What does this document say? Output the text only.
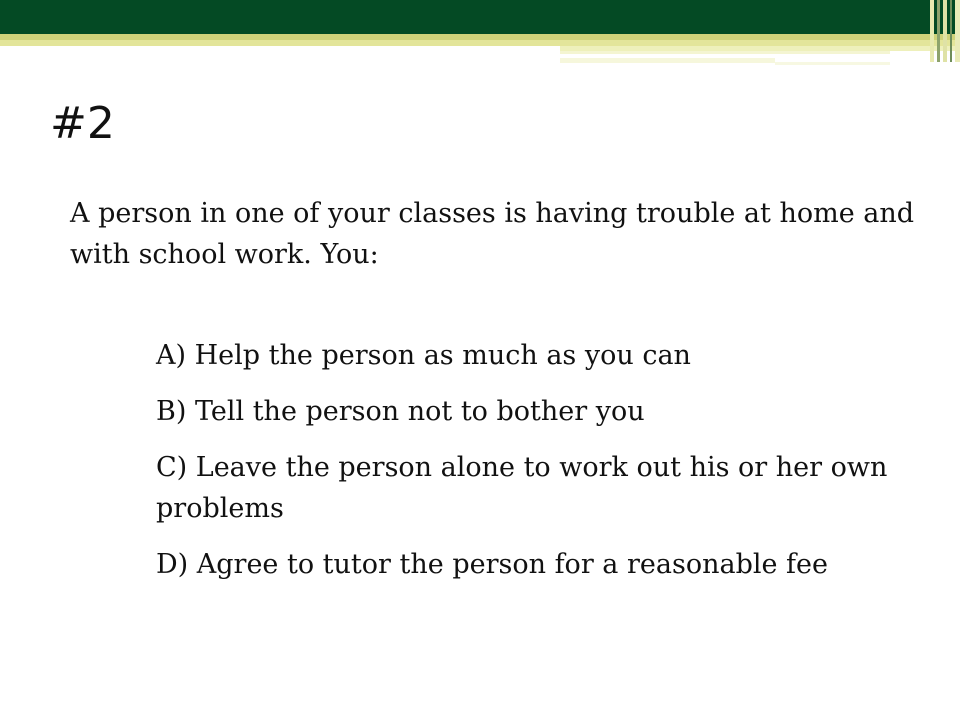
#2

A person in one of your classes is having trouble at home and with school work. You:

A) Help the person as much as you can
B) Tell the person not to bother you
C) Leave the person alone to work out his or her own problems
D) Agree to tutor the person for a reasonable fee
